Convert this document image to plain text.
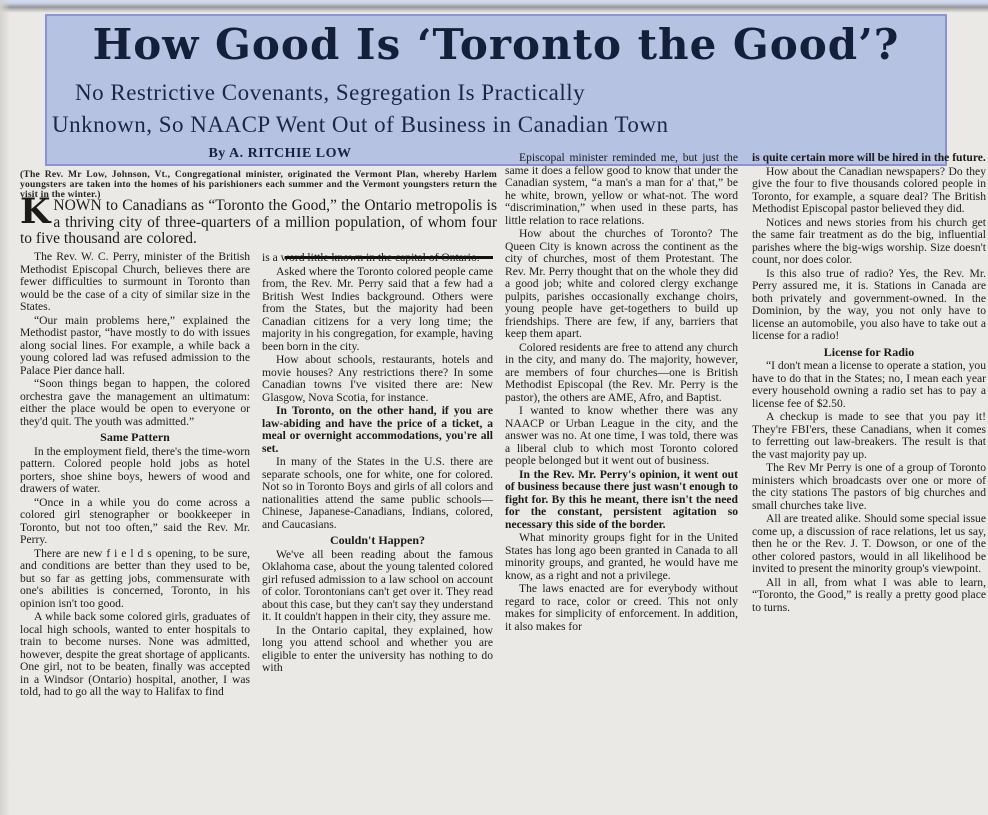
How Good Is ‘Toronto the Good’?
No Restrictive Covenants, Segregation Is Practically
Unknown, So NAACP Went Out of Business in Canadian Town
By A. RITCHIE LOW
(The Rev. Mr Low, Johnson, Vt., Congregational minister, originated the Vermont Plan, whereby Harlem youngsters are taken into the homes of his parishioners each summer and the Vermont youngsters return the visit in the winter.)
KNOWN to Canadians as “Toronto the Good,” the Ontario metropolis is a thriving city of three-quarters of a million population, of whom four to five thousand are colored.

The Rev. W. C. Perry, minister of the British Methodist Episcopal Church, believes there are fewer difficulties to surmount in Toronto than would be the case of a city of similar size in the States.

“Our main problems here,” explained the Methodist pastor, “have mostly to do with issues along social lines. For example, a while back a young colored lad was refused admission to the Palace Pier dance hall.

“Soon things began to happen, the colored orchestra gave the management an ultimatum: either the place would be open to everyone or they'd quit. The youth was admitted.”

Same Pattern

In the employment field, there's the time-worn pattern. Colored people hold jobs as hotel porters, shoe shine boys, hewers of wood and drawers of water.

“Once in a while you do come across a colored girl stenographer or bookkeeper in Toronto, but not too often,” said the Rev. Mr. Perry.

There are new f i e l d s opening, to be sure, and conditions are better than they used to be, but so far as getting jobs, commensurate with one's abilities is concerned, Toronto, in his opinion isn't too good.

A while back some colored girls, graduates of local high schools, wanted to enter hospitals to train to become nurses. None was admitted, however, despite the great shortage of applicants. One girl, not to be beaten, finally was accepted in a Windsor (Ontario) hospital, another, I was told, had to go all the way to Halifax to find

is a word little known in the capital of Ontario.

Asked where the Toronto colored people came from, the Rev. Mr. Perry said that a few had a British West Indies background. Others were from the States, but the majority had been Canadian citizens for a very long time; the majority in his congregation, for example, having been born in the city.

How about schools, restaurants, hotels and movie houses? Any restrictions there? In some Canadian towns I've visited there are: New Glasgow, Nova Scotia, for instance.

In Toronto, on the other hand, if you are law-abiding and have the price of a ticket, a meal or overnight accommodations, you're all set.

In many of the States in the U.S. there are separate schools, one for white, one for colored. Not so in Toronto Boys and girls of all colors and nationalities attend the same public schools—Chinese, Japanese-Canadians, Indians, colored, and Caucasians.

Couldn't Happen?

We've all been reading about the famous Oklahoma case, about the young talented colored girl refused admission to a law school on account of color. Torontonians can't get over it. They read about this case, but they can't say they understand it. It couldn't happen in their city, they assure me.

In the Ontario capital, they explained, how long you attend school and whether you are eligible to enter the university has nothing to do with

Episcopal minister reminded me, but just the same it does a fellow good to know that under the Canadian system, “a man's a man for a' that,” be he white, brown, yellow or what-not. The word “discrimination,” when used in these parts, has little relation to race relations.

How about the churches of Toronto? The Queen City is known across the continent as the city of churches, most of them Protestant. The Rev. Mr. Perry thought that on the whole they did a good job; white and colored clergy exchange pulpits, parishes occasionally exchange choirs, young people have get-togethers to build up friendships. There are few, if any, barriers that keep them apart.

Colored residents are free to attend any church in the city, and many do. The majority, however, are members of four churches—one is British Methodist Episcopal (the Rev. Mr. Perry is the pastor), the others are AME, Afro, and Baptist.

I wanted to know whether there was any NAACP or Urban League in the city, and the answer was no. At one time, I was told, there was a liberal club to which most Toronto colored people belonged but it went out of business.

In the Rev. Mr. Perry's opinion, it went out of business because there just wasn't enough to fight for. By this he meant, there isn't the need for the constant, persistent agitation so necessary this side of the border.

What minority groups fight for in the United States has long ago been granted in Canada to all minority groups, and granted, he would have me know, as a right and not a privilege.

The laws enacted are for everybody without regard to race, color or creed. This not only makes for simplicity of enforcement. In addition, it also makes for

is quite certain more will be hired in the future.

How about the Canadian newspapers? Do they give the four to five thousands colored people in Toronto, for example, a square deal? The British Methodist Episcopal pastor believed they did.

Notices and news stories from his church get the same fair treatment as do the big, influential parishes where the big-wigs worship. Size doesn't count, nor does color.

Is this also true of radio? Yes, the Rev. Mr. Perry assured me, it is. Stations in Canada are both privately and government-owned. In the Dominion, by the way, you not only have to license an automobile, you also have to take out a license for a radio!

License for Radio

“I don't mean a license to operate a station, you have to do that in the States; no, I mean each year every household owning a radio set has to pay a license fee of $2.50.

A checkup is made to see that you pay it! They're FBI'ers, these Canadians, when it comes to ferretting out law-breakers. The result is that the vast majority pay up.

The Rev Mr Perry is one of a group of Toronto ministers which broadcasts over one or more of the city stations The pastors of big churches and small churches take live.

All are treated alike. Should some special issue come up, a discussion of race relations, let us say, then he or the Rev. J. T. Dowson, or one of the other colored pastors, would in all likelihood be invited to present the minority group's viewpoint.

All in all, from what I was able to learn, “Toronto, the Good,” is really a pretty good place to turns.
